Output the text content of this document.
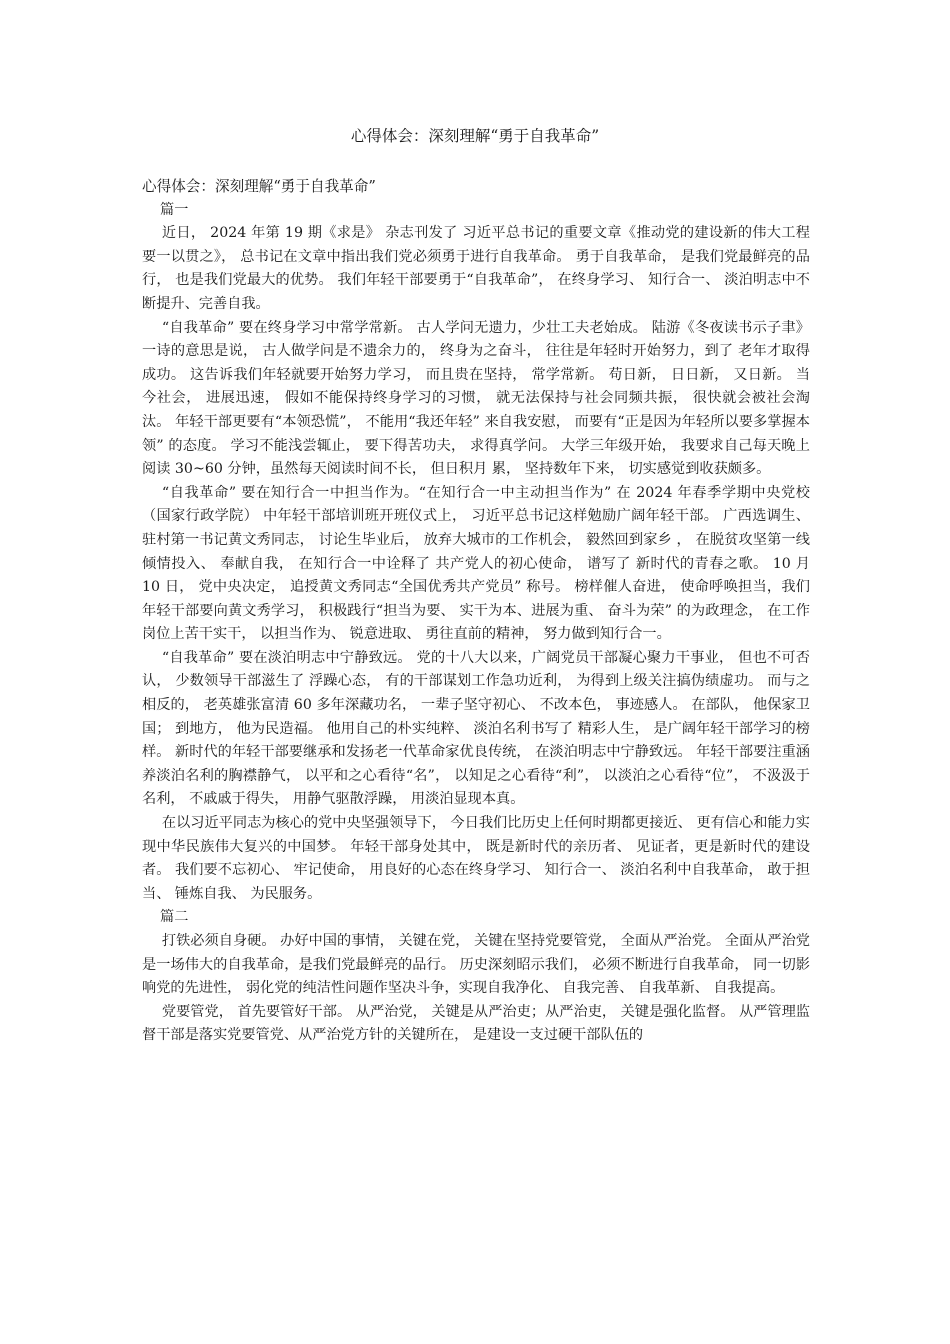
心得体会：深刻理解“勇于自我革命”

心得体会：深刻理解“勇于自我革命”

篇一

近日， 2024 年第 19 期《求是》 杂志刊发了 习近平总书记的重要文章《推动党的建设新的伟大工程要一以贯之》， 总书记在文章中指出我们党必须勇于进行自我革命。 勇于自我革命， 是我们党最鲜亮的品行， 也是我们党最大的优势。 我们年轻干部要勇于“自我革命”， 在终身学习、 知行合一、 淡泊明志中不断提升、完善自我。

“自我革命” 要在终身学习中常学常新。 古人学问无遗力，少壮工夫老始成。 陆游《冬夜读书示子聿》 一诗的意思是说， 古人做学问是不遗余力的， 终身为之奋斗， 往往是年轻时开始努力，到了 老年才取得成功。 这告诉我们年轻就要开始努力学习， 而且贵在坚持， 常学常新。 苟日新， 日日新， 又日新。 当今社会， 进展迅速， 假如不能保持终身学习的习惯， 就无法保持与社会同频共振， 很快就会被社会淘汰。 年轻干部更要有“本领恐慌”， 不能用“我还年轻” 来自我安慰， 而要有“正是因为年轻所以要多掌握本领” 的态度。 学习不能浅尝辄止， 要下得苦功夫， 求得真学问。 大学三年级开始， 我要求自己每天晚上阅读 30~60 分钟，虽然每天阅读时间不长， 但日积月 累， 坚持数年下来， 切实感觉到收获颇多。

“自我革命” 要在知行合一中担当作为。“在知行合一中主动担当作为” 在 2024 年春季学期中央党校（国家行政学院） 中年轻干部培训班开班仪式上， 习近平总书记这样勉励广阔年轻干部。 广西选调生、 驻村第一书记黄文秀同志， 讨论生毕业后， 放弃大城市的工作机会， 毅然回到家乡 ， 在脱贫攻坚第一线倾情投入、 奉献自我， 在知行合一中诠释了 共产党人的初心使命， 谱写了 新时代的青春之歌。 10 月 10 日， 党中央决定， 追授黄文秀同志“全国优秀共产党员” 称号。 榜样催人奋进， 使命呼唤担当，我们年轻干部要向黄文秀学习， 积极践行“担当为要、 实干为本、进展为重、 奋斗为荣” 的为政理念， 在工作岗位上苦干实干， 以担当作为、 锐意进取、 勇往直前的精神， 努力做到知行合一。

“自我革命” 要在淡泊明志中宁静致远。 党的十八大以来，广阔党员干部凝心聚力干事业， 但也不可否认， 少数领导干部滋生了 浮躁心态， 有的干部谋划工作急功近利， 为得到上级关注搞伪绩虚功。 而与之相反的， 老英雄张富清 60 多年深藏功名， 一辈子坚守初心、 不改本色， 事迹感人。 在部队， 他保家卫国； 到地方， 他为民造福。 他用自己的朴实纯粹、 淡泊名利书写了 精彩人生， 是广阔年轻干部学习的榜样。 新时代的年轻干部要继承和发扬老一代革命家优良传统， 在淡泊明志中宁静致远。 年轻干部要注重涵养淡泊名利的胸襟静气， 以平和之心看待“名”， 以知足之心看待“利”， 以淡泊之心看待“位”， 不汲汲于名利， 不戚戚于得失， 用静气驱散浮躁， 用淡泊显现本真。

在以习近平同志为核心的党中央坚强领导下， 今日我们比历史上任何时期都更接近、 更有信心和能力实现中华民族伟大复兴的中国梦。 年轻干部身处其中， 既是新时代的亲历者、 见证者，更是新时代的建设者。 我们要不忘初心、 牢记使命， 用良好的心态在终身学习、 知行合一、 淡泊名利中自我革命， 敢于担当、 锤炼自我、 为民服务。

篇二

打铁必须自身硬。 办好中国的事情， 关键在党， 关键在坚持党要管党， 全面从严治党。 全面从严治党是一场伟大的自我革命，是我们党最鲜亮的品行。 历史深刻昭示我们， 必须不断进行自我革命， 同一切影响党的先进性， 弱化党的纯洁性问题作坚决斗争，实现自我净化、 自我完善、 自我革新、 自我提高。

党要管党， 首先要管好干部。 从严治党， 关键是从严治吏；从严治吏， 关键是强化监督。 从严管理监督干部是落实党要管党、从严治党方针的关键所在， 是建设一支过硬干部队伍的
